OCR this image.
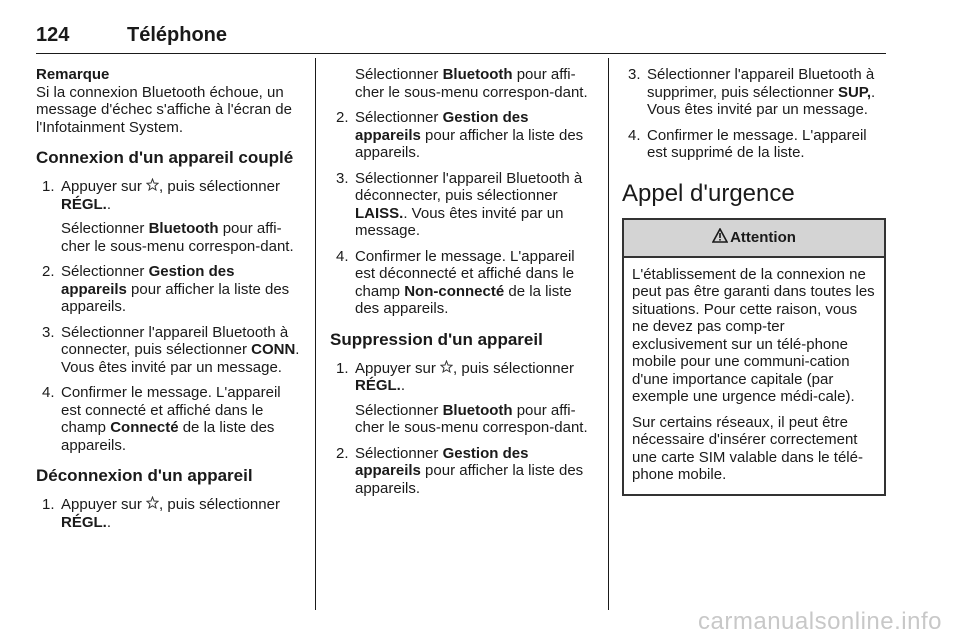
124	Téléphone

Remarque

Si la connexion Bluetooth échoue, un message d'échec s'affiche à l'écran de l'Infotainment System.

Connexion d'un appareil couplé
1. Appuyer sur , puis sélectionner RÉGL..

Sélectionner Bluetooth pour affi-cher le sous-menu correspon-dant.

2. Sélectionner Gestion des appareils pour afficher la liste des appareils.

3. Sélectionner l'appareil Bluetooth à connecter, puis sélectionner CONN. Vous êtes invité par un message.

4. Confirmer le message. L'appareil est connecté et affiché dans le champ Connecté de la liste des appareils.

Déconnexion d'un appareil
1. Appuyer sur , puis sélectionner RÉGL..

Sélectionner Bluetooth pour affi-cher le sous-menu correspon-dant.

2. Sélectionner Gestion des appareils pour afficher la liste des appareils.

3. Sélectionner l'appareil Bluetooth à déconnecter, puis sélectionner LAISS.. Vous êtes invité par un message.

4. Confirmer le message. L'appareil est déconnecté et affiché dans le champ Non-connecté de la liste des appareils.

Suppression d'un appareil
1. Appuyer sur , puis sélectionner RÉGL..

Sélectionner Bluetooth pour affi-cher le sous-menu correspon-dant.

2. Sélectionner Gestion des appareils pour afficher la liste des appareils.

3. Sélectionner l'appareil Bluetooth à supprimer, puis sélectionner SUP,. Vous êtes invité par un message.

4. Confirmer le message. L'appareil est supprimé de la liste.

Appel d'urgence
Attention

L'établissement de la connexion ne peut pas être garanti dans toutes les situations. Pour cette raison, vous ne devez pas comp-ter exclusivement sur un télé-phone mobile pour une communi-cation d'une importance capitale (par exemple une urgence médi-cale).

Sur certains réseaux, il peut être nécessaire d'insérer correctement une carte SIM valable dans le télé-phone mobile.

carmanualsonline.info
